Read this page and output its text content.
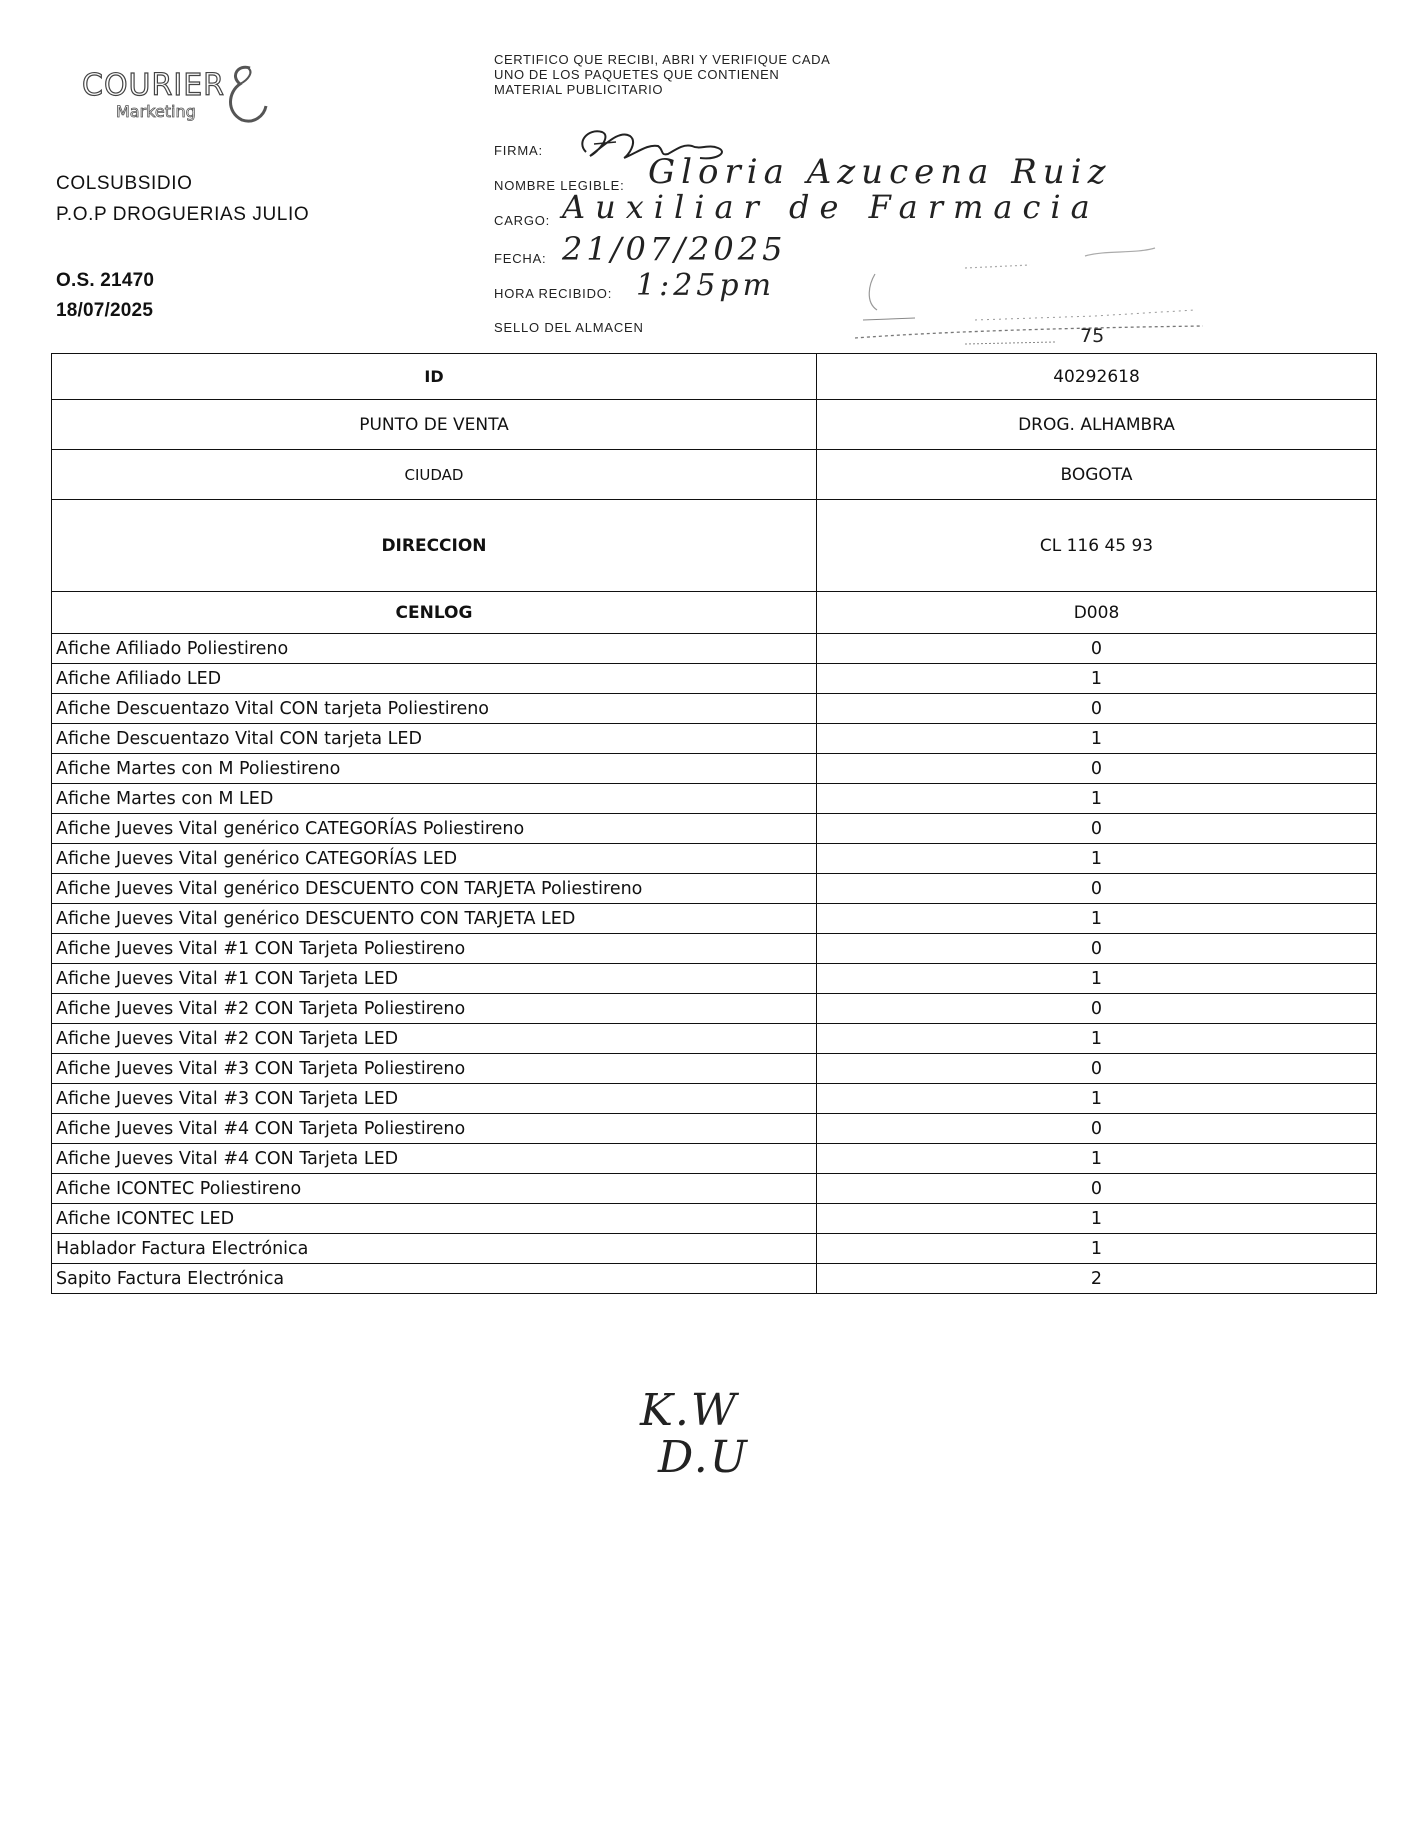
COURIER
Marketing
COLSUBSIDIO
P.O.P DROGUERIAS JULIO
O.S. 21470
18/07/2025
CERTIFICO QUE RECIBI, ABRI Y VERIFIQUE CADA UNO DE LOS PAQUETES QUE CONTIENEN MATERIAL PUBLICITARIO
FIRMA:
NOMBRE LEGIBLE: Gloria Azucena Ruiz
CARGO: Auxiliar de Farmacia
FECHA: 21/07/2025
HORA RECIBIDO: 1:25pm
SELLO DEL ALMACEN	75
ID	40292618
PUNTO DE VENTA	DROG. ALHAMBRA
CIUDAD	BOGOTA
DIRECCION	CL 116 45 93
CENLOG	D008
Afiche Afiliado Poliestireno	0
Afiche Afiliado LED	1
Afiche Descuentazo Vital CON tarjeta Poliestireno	0
Afiche Descuentazo Vital CON tarjeta LED	1
Afiche Martes con M Poliestireno	0
Afiche Martes con M LED	1
Afiche Jueves Vital genérico CATEGORÍAS Poliestireno	0
Afiche Jueves Vital genérico CATEGORÍAS LED	1
Afiche Jueves Vital genérico DESCUENTO CON TARJETA Poliestireno	0
Afiche Jueves Vital genérico DESCUENTO CON TARJETA LED	1
Afiche Jueves Vital #1 CON Tarjeta Poliestireno	0
Afiche Jueves Vital #1 CON Tarjeta LED	1
Afiche Jueves Vital #2 CON Tarjeta Poliestireno	0
Afiche Jueves Vital #2 CON Tarjeta LED	1
Afiche Jueves Vital #3 CON Tarjeta Poliestireno	0
Afiche Jueves Vital #3 CON Tarjeta LED	1
Afiche Jueves Vital #4 CON Tarjeta Poliestireno	0
Afiche Jueves Vital #4 CON Tarjeta LED	1
Afiche ICONTEC Poliestireno	0
Afiche ICONTEC LED	1
Hablador Factura Electrónica	1
Sapito Factura Electrónica	2
K.W
D.U
